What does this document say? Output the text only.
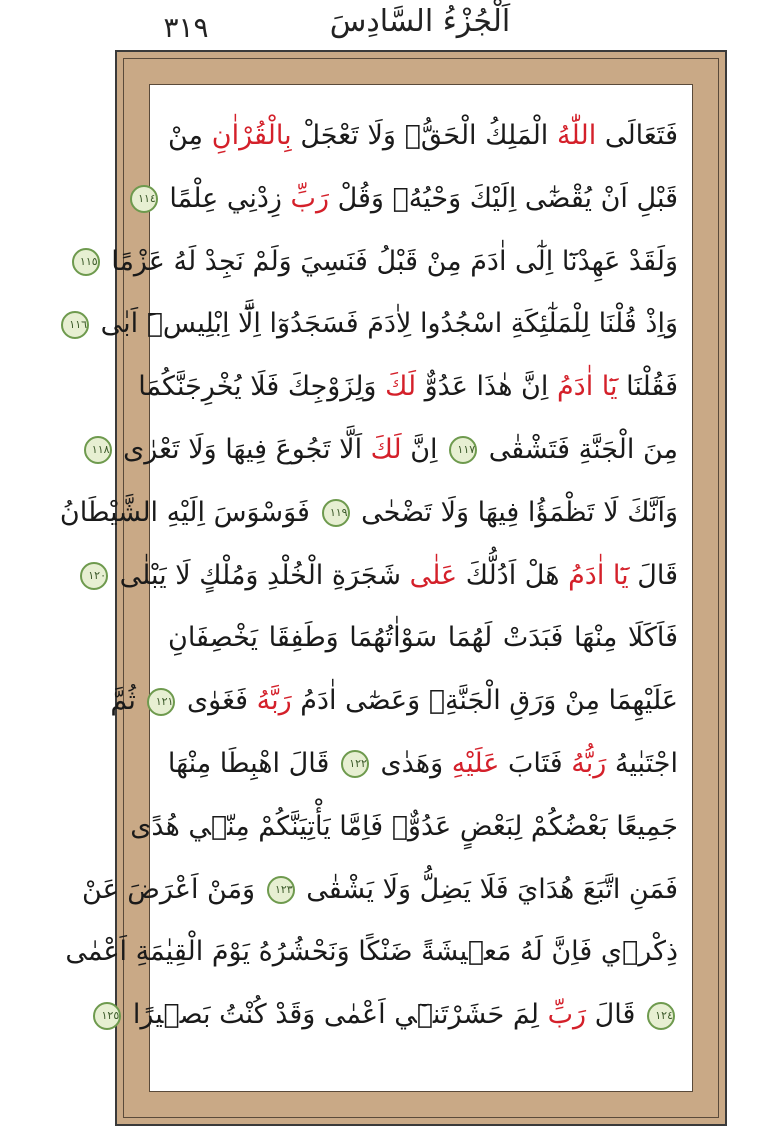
٣١٩	اَلْجُزْءُ السَّادِسَ
فَتَعَالَى اللّٰهُ الْمَلِكُ الْحَقُّۚ وَلَا تَعْجَلْ بِالْقُرْاٰنِ مِنْ
قَبْلِ اَنْ يُقْضٰٓى اِلَيْكَ وَحْيُهُۘ وَقُلْ رَبِّ زِدْنِي عِلْمًا ١١٤
وَلَقَدْ عَهِدْنَٓا اِلٰٓى اٰدَمَ مِنْ قَبْلُ فَنَسِيَ وَلَمْ نَجِدْ لَهُ عَزْمًا ١١٥
وَاِذْ قُلْنَا لِلْمَلٰٓئِكَةِ اسْجُدُوا لِاٰدَمَ فَسَجَدُوٓا اِلَّٓا اِبْلِيسَۜ اَبٰى ١١٦
فَقُلْنَا يَٓا اٰدَمُ اِنَّ هٰذَا عَدُوٌّ لَكَ وَلِزَوْجِكَ فَلَا يُخْرِجَنَّكُمَا
مِنَ الْجَنَّةِ فَتَشْقٰى ١١٧ اِنَّ لَكَ اَلَّا تَجُوعَ فِيهَا وَلَا تَعْرٰى ١١٨
وَاَنَّكَ لَا تَظْمَؤُا فِيهَا وَلَا تَضْحٰى ١١٩ فَوَسْوَسَ اِلَيْهِ الشَّيْطَانُ
قَالَ يَٓا اٰدَمُ هَلْ اَدُلُّكَ عَلٰى شَجَرَةِ الْخُلْدِ وَمُلْكٍ لَا يَبْلٰى ١٢٠
فَاَكَلَا مِنْهَا فَبَدَتْ لَهُمَا سَوْاٰتُهُمَا وَطَفِقَا يَخْصِفَانِ
عَلَيْهِمَا مِنْ وَرَقِ الْجَنَّةِۘ وَعَصٰٓى اٰدَمُ رَبَّهُ فَغَوٰى ١٢١ ثُمَّ
اجْتَبٰيهُ رَبُّهُ فَتَابَ عَلَيْهِ وَهَدٰى ١٢٢ قَالَ اهْبِطَا مِنْهَا
جَمِيعًا بَعْضُكُمْ لِبَعْضٍ عَدُوٌّۚ فَاِمَّا يَأْتِيَنَّكُمْ مِنّ۪ي هُدًى
فَمَنِ اتَّبَعَ هُدَايَ فَلَا يَضِلُّ وَلَا يَشْقٰى ١٢٣ وَمَنْ اَعْرَضَ عَنْ
ذِكْر۪ي فَاِنَّ لَهُ مَع۪يشَةً ضَنْكًا وَنَحْشُرُهُ يَوْمَ الْقِيٰمَةِ اَعْمٰى
١٢٤ قَالَ رَبِّ لِمَ حَشَرْتَن۪ٓي اَعْمٰى وَقَدْ كُنْتُ بَص۪يرًا ١٢٥
